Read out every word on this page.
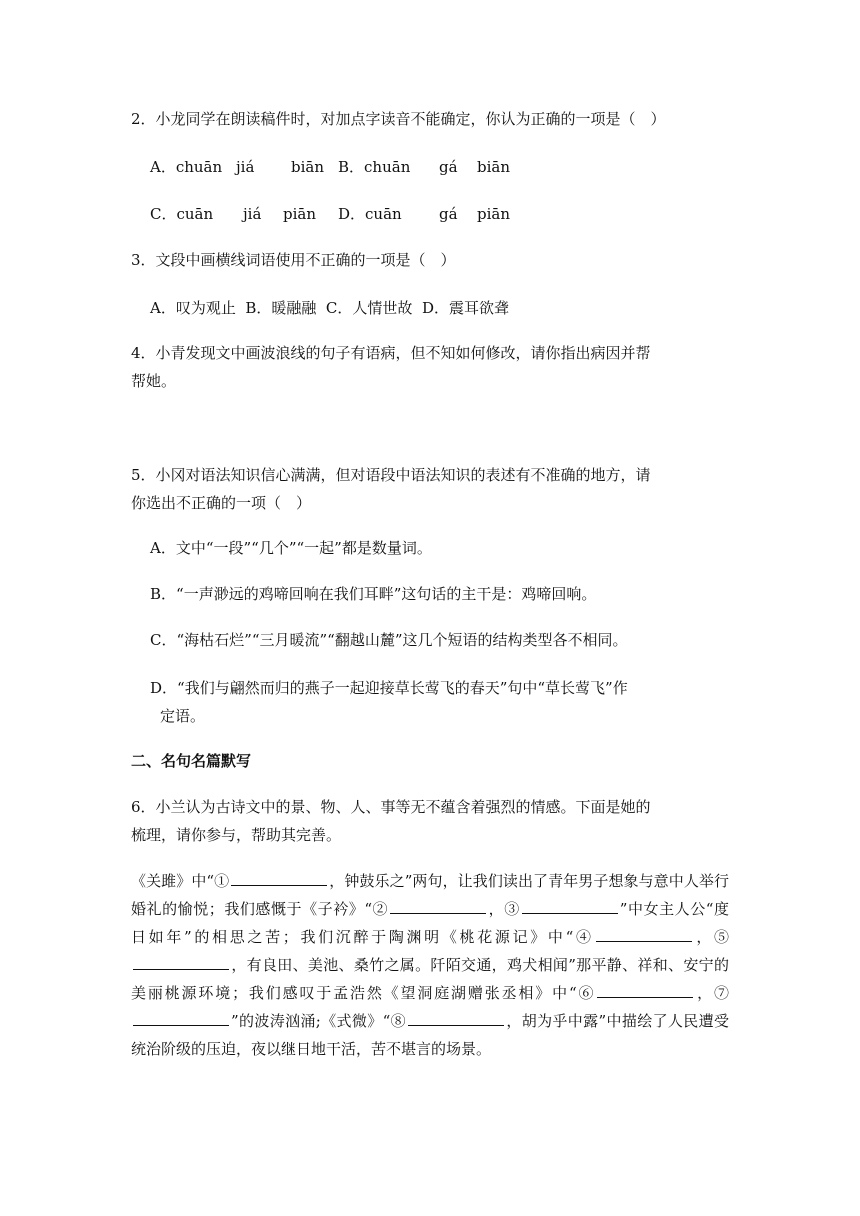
2．小龙同学在朗读稿件时，对加点字读音不能确定，你认为正确的一项是（　）
A．chuān jiá biān B．chuān gá biān
C．cuān jiá piān D．cuān gá piān
3．文段中画横线词语使用不正确的一项是（　）
A．叹为观止  B．暖融融  C．人情世故  D．震耳欲聋
4．小青发现文中画波浪线的句子有语病，但不知如何修改，请你指出病因并帮
帮她。
5．小冈对语法知识信心满满，但对语段中语法知识的表述有不准确的地方，请
你选出不正确的一项（　）
A．文中“一段”“几个”“一起”都是数量词。
B．“一声渺远的鸡啼回响在我们耳畔”这句话的主干是：鸡啼回响。
C．“海枯石烂”“三月暖流”“翻越山麓”这几个短语的结构类型各不相同。
D．“我们与翩然而归的燕子一起迎接草长莺飞的春天”句中“草长莺飞”作
定语。
二、名句名篇默写
6．小兰认为古诗文中的景、物、人、事等无不蕴含着强烈的情感。下面是她的
梳理，请你参与，帮助其完善。
《关雎》中“①	，钟鼓乐之”两句，让我们读出了青年男子想象与意中人举行婚礼的愉悦；我们感慨于《子衿》“②	，③	”中女主人公“度日如年”的相思之苦；我们沉醉于陶渊明《桃花源记》中“④	，⑤，有良田、美池、桑竹之属。阡陌交通，鸡犬相闻”那平静、祥和、安宁的美丽桃源环境；我们感叹于孟浩然《望洞庭湖赠张丞相》中“⑥	，⑦”的波涛汹涌;《式微》“⑧	，胡为乎中露”中描绘了人民遭受统治阶级的压迫，夜以继日地干活，苦不堪言的场景。
